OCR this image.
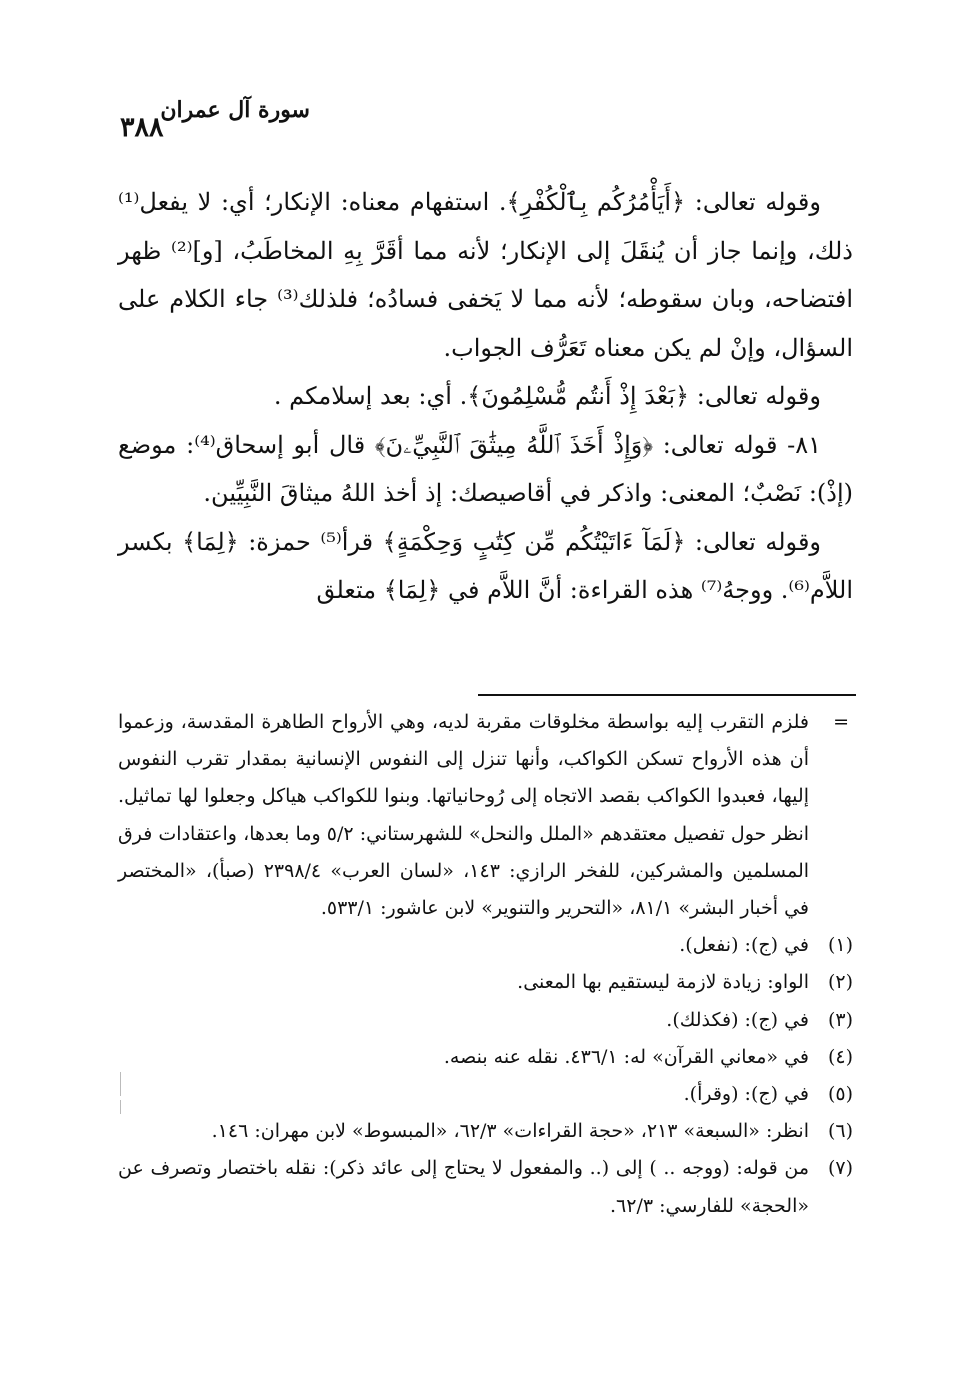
٣٨٨
سورة آل عمران

وقوله تعالى: ﴿أَيَأْمُرُكُم بِٱلْكُفْرِ﴾. استفهام معناه: الإنكار؛ أي: لا يفعل⁽¹⁾ ذلك، وإنما جاز أن يُنقَلَ إلى الإنكار؛ لأنه مما أقَرَّ بِهِ المخاطَبُ، [و]⁽²⁾ ظهر افتضاحه، وبان سقوطه؛ لأنه مما لا يَخفى فسادُه؛ فلذلك⁽³⁾ جاء الكلام على السؤال، وإنْ لم يكن معناه تَعَرُّف الجواب.

وقوله تعالى: ﴿بَعْدَ إِذْ أَنتُم مُّسْلِمُونَ﴾. أي: بعد إسلامكم .

٨١- قوله تعالى: ﴿وَإِذْ أَخَذَ ٱللَّهُ مِيثَٰقَ ٱلنَّبِيِّۦنَ﴾ قال أبو إسحاق⁽⁴⁾: موضع (إذْ): نَصْبٌ؛ المعنى: واذكر في أقاصيصك: إذ أخذ اللهُ ميثاقَ النَّبِيِّين.

وقوله تعالى: ﴿لَمَآ ءَاتَيْتُكُم مِّن كِتَٰبٍ وَحِكْمَةٍ﴾ قرأ⁽⁵⁾ حمزة: ﴿لِمَا﴾ بكسر اللاَّم⁽⁶⁾. ووجهُ⁽⁷⁾ هذه القراءة: أنَّ اللاَّم في ﴿لِمَا﴾ متعلق

=
فلزم التقرب إليه بواسطة مخلوقات مقربة لديه، وهي الأرواح الطاهرة المقدسة، وزعموا أن هذه الأرواح تسكن الكواكب، وأنها تنزل إلى النفوس الإنسانية بمقدار تقرب النفوس إليها، فعبدوا الكواكب بقصد الاتجاه إلى رُوحانياتها. وبنوا للكواكب هياكل وجعلوا لها تماثيل. انظر حول تفصيل معتقدهم «الملل والنحل» للشهرستاني: ٥/٢ وما بعدها، واعتقادات فرق المسلمين والمشركين، للفخر الرازي: ١٤٣، «لسان العرب» ٢٣٩٨/٤ (صبأ)، «المختصر في أخبار البشر» ٨١/١، «التحرير والتنوير» لابن عاشور: ٥٣٣/١.
(١)
في (ج): (نفعل).
(٢)
الواو: زيادة لازمة ليستقيم بها المعنى.
(٣)
في (ج): (فكذلك).
(٤)
في «معاني القرآن» له: ٤٣٦/١. نقله عنه بنصه.
(٥)
في (ج): (وقرأ).
(٦)
انظر: «السبعة» ٢١٣، «حجة القراءات» ٦٢/٣، «المبسوط» لابن مهران: ١٤٦.
(٧)
من قوله: (ووجه .. ) إلى (.. والمفعول لا يحتاج إلى عائد ذكر): نقله باختصار وتصرف عن «الحجة» للفارسي: ٦٢/٣.
